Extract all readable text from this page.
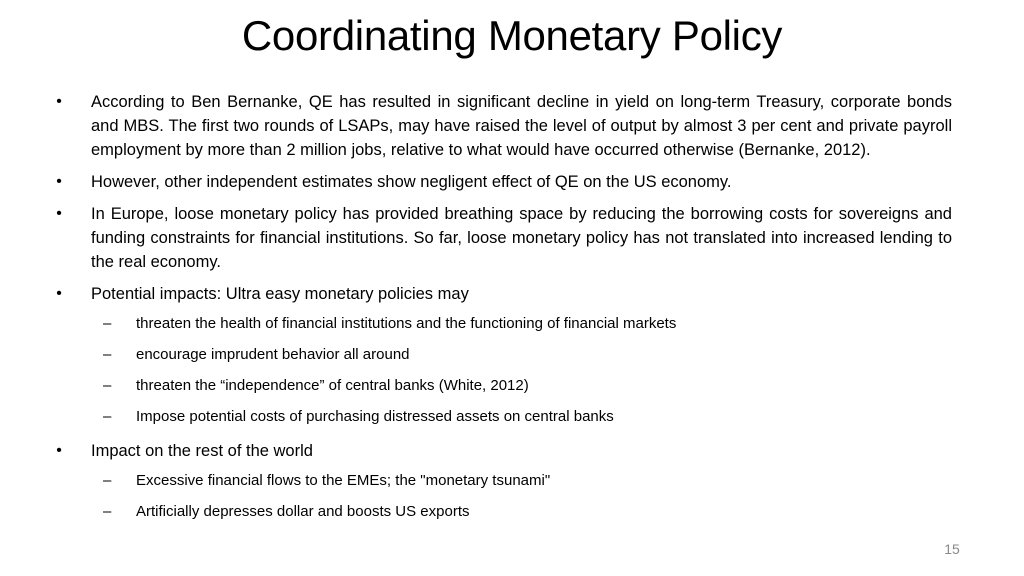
Coordinating Monetary Policy
• According to Ben Bernanke, QE has resulted in significant decline in yield on long-term Treasury, corporate bonds and MBS. The first two rounds of LSAPs, may have raised the level of output by almost 3 per cent and private payroll employment by more than 2 million jobs, relative to what would have occurred otherwise (Bernanke, 2012).
• However, other independent estimates show negligent effect of QE on the US economy.
• In Europe, loose monetary policy has provided breathing space by reducing the borrowing costs for sovereigns and funding constraints for financial institutions. So far, loose monetary policy has not translated into increased lending to the real economy.
• Potential impacts: Ultra easy monetary policies may
–	threaten the health of financial institutions and the functioning of financial markets
–	encourage imprudent behavior all around
–	threaten the “independence” of central banks (White, 2012)
–	Impose potential costs of purchasing distressed assets on central banks
• Impact on the rest of the world
–	Excessive financial flows to the EMEs; the "monetary tsunami"
–	Artificially depresses dollar and boosts US exports
15
